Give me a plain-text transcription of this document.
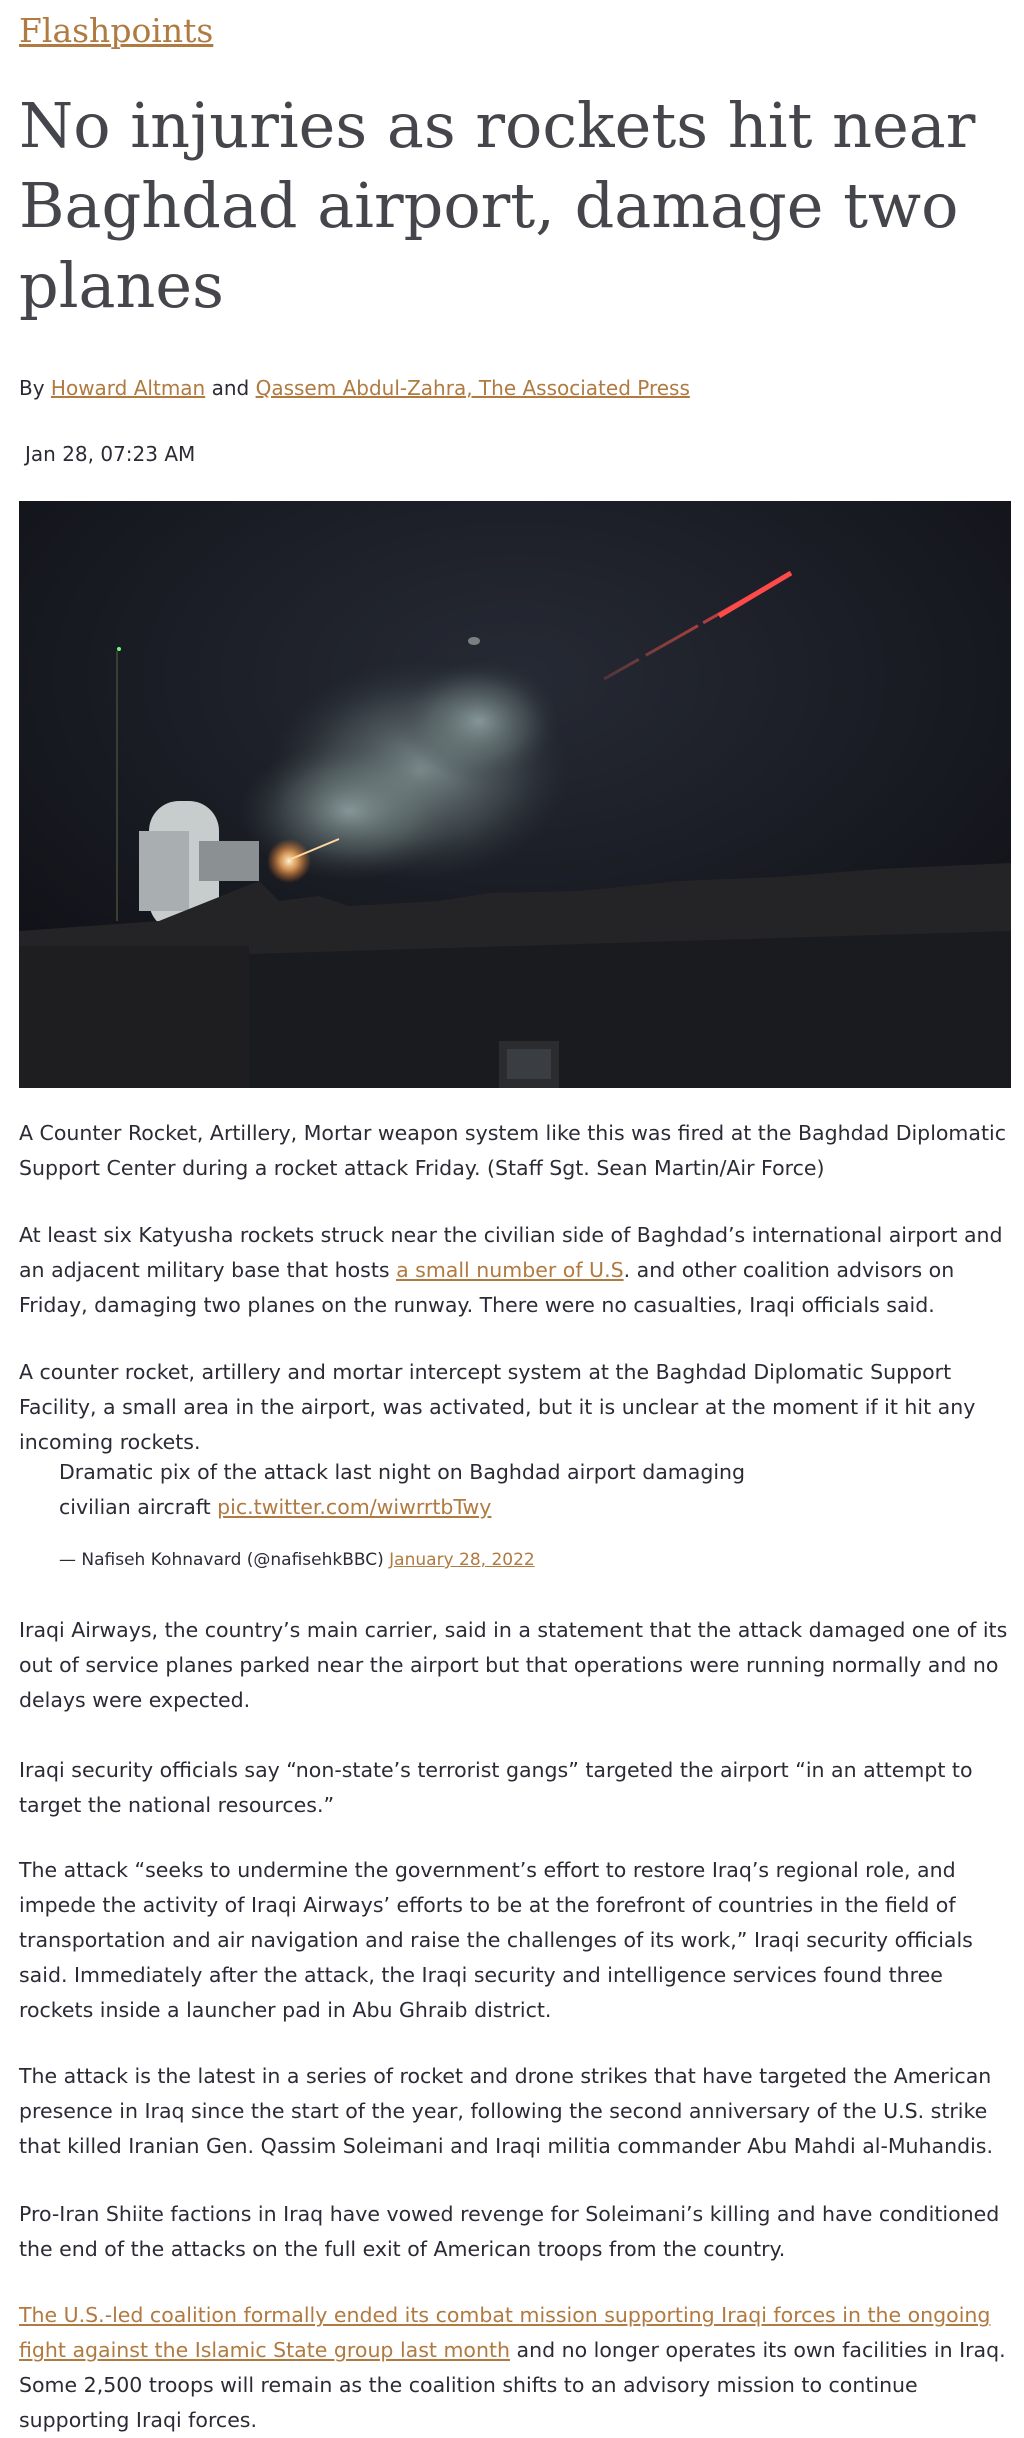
Flashpoints
No injuries as rockets hit near Baghdad airport, damage two planes
By Howard Altman and Qassem Abdul-Zahra, The Associated Press
Jan 28, 07:23 AM

A Counter Rocket, Artillery, Mortar weapon system like this was fired at the Baghdad Diplomatic Support Center during a rocket attack Friday. (Staff Sgt. Sean Martin/Air Force)

At least six Katyusha rockets struck near the civilian side of Baghdad’s international airport and an adjacent military base that hosts a small number of U.S. and other coalition advisors on Friday, damaging two planes on the runway. There were no casualties, Iraqi officials said.

A counter rocket, artillery and mortar intercept system at the Baghdad Diplomatic Support Facility, a small area in the airport, was activated, but it is unclear at the moment if it hit any incoming rockets.

Dramatic pix of the attack last night on Baghdad airport damaging civilian aircraft pic.twitter.com/wiwrrtbTwy

— Nafiseh Kohnavard (@nafisehkBBC) January 28, 2022

Iraqi Airways, the country’s main carrier, said in a statement that the attack damaged one of its out of service planes parked near the airport but that operations were running normally and no delays were expected.

Iraqi security officials say “non-state’s terrorist gangs” targeted the airport “in an attempt to target the national resources.”

The attack “seeks to undermine the government’s effort to restore Iraq’s regional role, and impede the activity of Iraqi Airways’ efforts to be at the forefront of countries in the field of transportation and air navigation and raise the challenges of its work,” Iraqi security officials said. Immediately after the attack, the Iraqi security and intelligence services found three rockets inside a launcher pad in Abu Ghraib district.

The attack is the latest in a series of rocket and drone strikes that have targeted the American presence in Iraq since the start of the year, following the second anniversary of the U.S. strike that killed Iranian Gen. Qassim Soleimani and Iraqi militia commander Abu Mahdi al-Muhandis.

Pro-Iran Shiite factions in Iraq have vowed revenge for Soleimani’s killing and have conditioned the end of the attacks on the full exit of American troops from the country.

The U.S.-led coalition formally ended its combat mission supporting Iraqi forces in the ongoing fight against the Islamic State group last month and no longer operates its own facilities in Iraq. Some 2,500 troops will remain as the coalition shifts to an advisory mission to continue supporting Iraqi forces.
